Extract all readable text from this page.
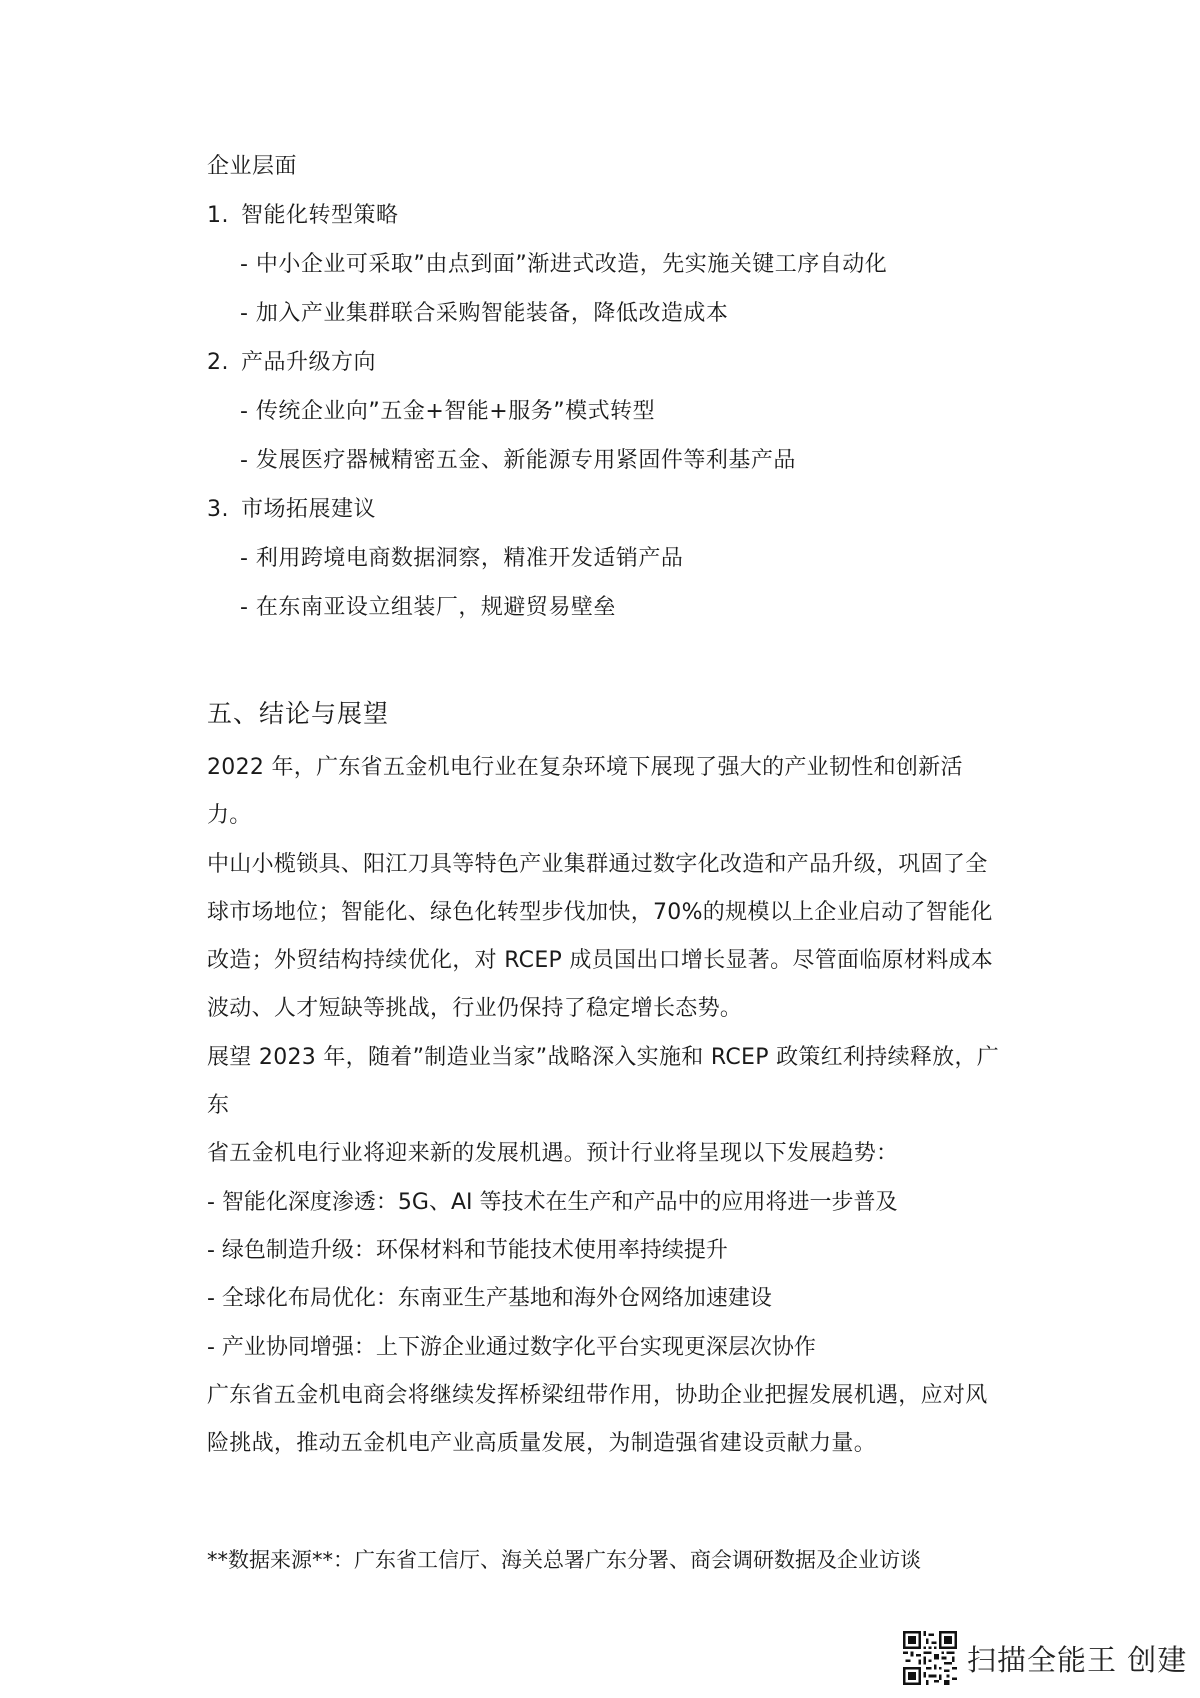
企业层面
1. 智能化转型策略
- 中小企业可采取”由点到面”渐进式改造，先实施关键工序自动化
- 加入产业集群联合采购智能装备，降低改造成本
2. 产品升级方向
- 传统企业向”五金+智能+服务”模式转型
- 发展医疗器械精密五金、新能源专用紧固件等利基产品
3. 市场拓展建议
- 利用跨境电商数据洞察，精准开发适销产品
- 在东南亚设立组装厂，规避贸易壁垒
五、结论与展望
2022 年，广东省五金机电行业在复杂环境下展现了强大的产业韧性和创新活力。
中山小榄锁具、阳江刀具等特色产业集群通过数字化改造和产品升级，巩固了全
球市场地位；智能化、绿色化转型步伐加快，70%的规模以上企业启动了智能化
改造；外贸结构持续优化，对 RCEP 成员国出口增长显著。尽管面临原材料成本
波动、人才短缺等挑战，行业仍保持了稳定增长态势。
展望 2023 年，随着”制造业当家”战略深入实施和 RCEP 政策红利持续释放，广东
省五金机电行业将迎来新的发展机遇。预计行业将呈现以下发展趋势：
- 智能化深度渗透：5G、AI 等技术在生产和产品中的应用将进一步普及
- 绿色制造升级：环保材料和节能技术使用率持续提升
- 全球化布局优化：东南亚生产基地和海外仓网络加速建设
- 产业协同增强：上下游企业通过数字化平台实现更深层次协作
广东省五金机电商会将继续发挥桥梁纽带作用，协助企业把握发展机遇，应对风
险挑战，推动五金机电产业高质量发展，为制造强省建设贡献力量。
**数据来源**：广东省工信厅、海关总署广东分署、商会调研数据及企业访谈
扫描全能王 创建
